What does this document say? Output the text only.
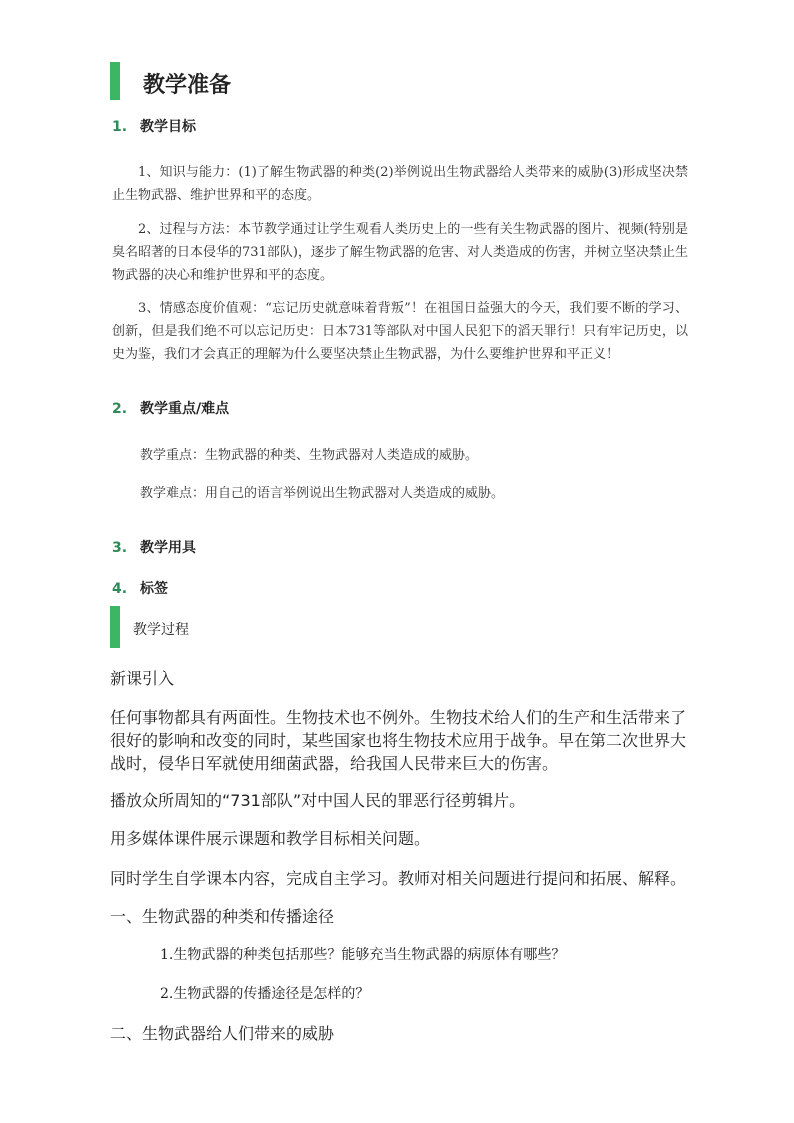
教学准备
1. 教学目标
1、知识与能力：(1)了解生物武器的种类(2)举例说出生物武器给人类带来的威胁(3)形成坚决禁止生物武器、维护世界和平的态度。
2、过程与方法：本节教学通过让学生观看人类历史上的一些有关生物武器的图片、视频(特别是臭名昭著的日本侵华的731部队)，逐步了解生物武器的危害、对人类造成的伤害，并树立坚决禁止生物武器的决心和维护世界和平的态度。
3、情感态度价值观：“忘记历史就意味着背叛”！在祖国日益强大的今天，我们要不断的学习、创新，但是我们绝不可以忘记历史：日本731等部队对中国人民犯下的滔天罪行！只有牢记历史，以史为鉴，我们才会真正的理解为什么要坚决禁止生物武器，为什么要维护世界和平正义！
2. 教学重点/难点
教学重点：生物武器的种类、生物武器对人类造成的威胁。
教学难点：用自己的语言举例说出生物武器对人类造成的威胁。
3. 教学用具
4. 标签
教学过程
新课引入
任何事物都具有两面性。生物技术也不例外。生物技术给人们的生产和生活带来了很好的影响和改变的同时，某些国家也将生物技术应用于战争。早在第二次世界大战时，侵华日军就使用细菌武器，给我国人民带来巨大的伤害。
播放众所周知的“731部队”对中国人民的罪恶行径剪辑片。
用多媒体课件展示课题和教学目标相关问题。
同时学生自学课本内容，完成自主学习。教师对相关问题进行提问和拓展、解释。
一、生物武器的种类和传播途径
1.生物武器的种类包括那些？能够充当生物武器的病原体有哪些？
2.生物武器的传播途径是怎样的？
二、生物武器给人们带来的威胁
